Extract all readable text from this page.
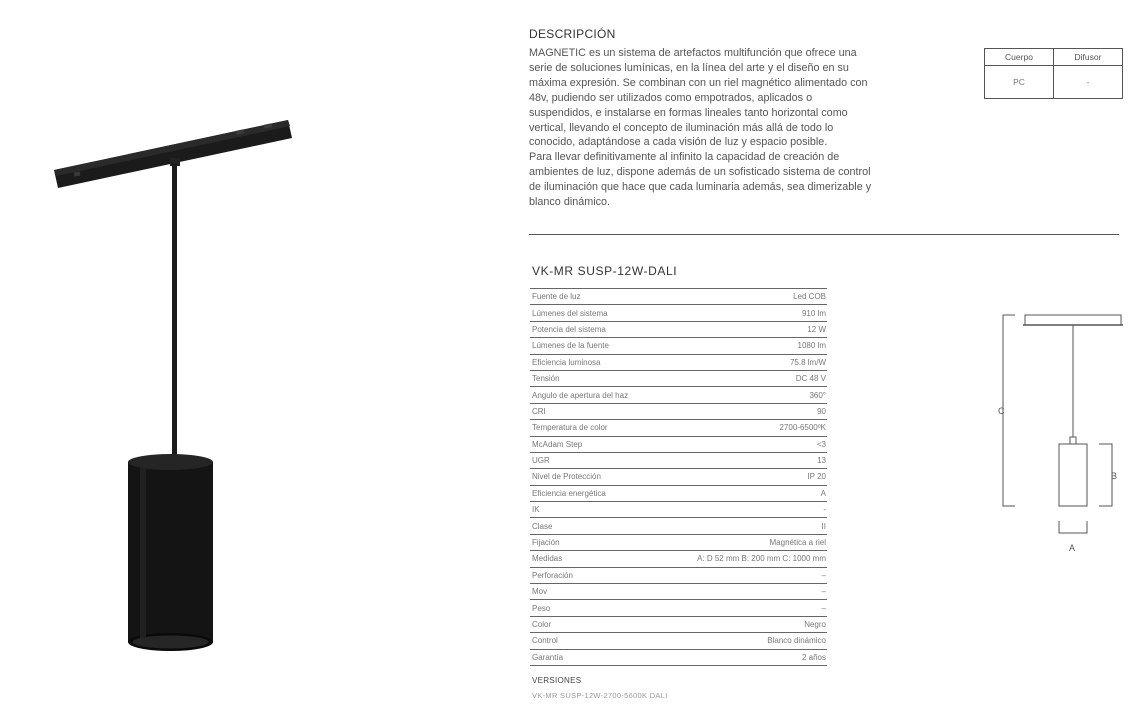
DESCRIPCIÓN

MAGNETIC es un sistema de artefactos multifunción que ofrece una

serie de soluciones lumínicas, en la línea del arte y el diseño en su

máxima expresión. Se combinan con un riel magnético alimentado con

48v, pudiendo ser utilizados como empotrados, aplicados o

suspendidos, e instalarse en formas lineales tanto horizontal como

vertical, llevando el concepto de iluminación más allá de todo lo

conocido, adaptándose a cada visión de luz y espacio posible.

Para llevar definitivamente al infinito la capacidad de creación de

ambientes de luz, dispone además de un sofisticado sistema de control

de iluminación que hace que cada luminaria además, sea dimerizable y

blanco dinámico.

Cuerpo	Difusor
PC	-
VK-MR SUSP-12W-DALI
Fuente de luz	Led COB
Lúmenes del sistema	910 lm
Potencia del sistema	12 W
Lúmenes de la fuente	1080 lm
Eficiencia luminosa	75.8 lm/W
Tensión	DC 48 V
Angulo de apertura del haz	360°
CRI	90
Temperatura de color	2700-6500ºK
McAdam Step	<3
UGR	13
Nivel de Protección	IP 20
Eficiencia energética	A
IK	-
Clase	II
Fijación	Magnética a riel
Medidas	A: D 52 mm B: 200 mm C: 1000 mm
Perforación	–
Mov	–
Peso	–
Color	Negro
Control	Blanco dinámico
Garantía	2 años
VERSIONES
VK-MR SUSP-12W-2700-5600K DALI
C
B
A
